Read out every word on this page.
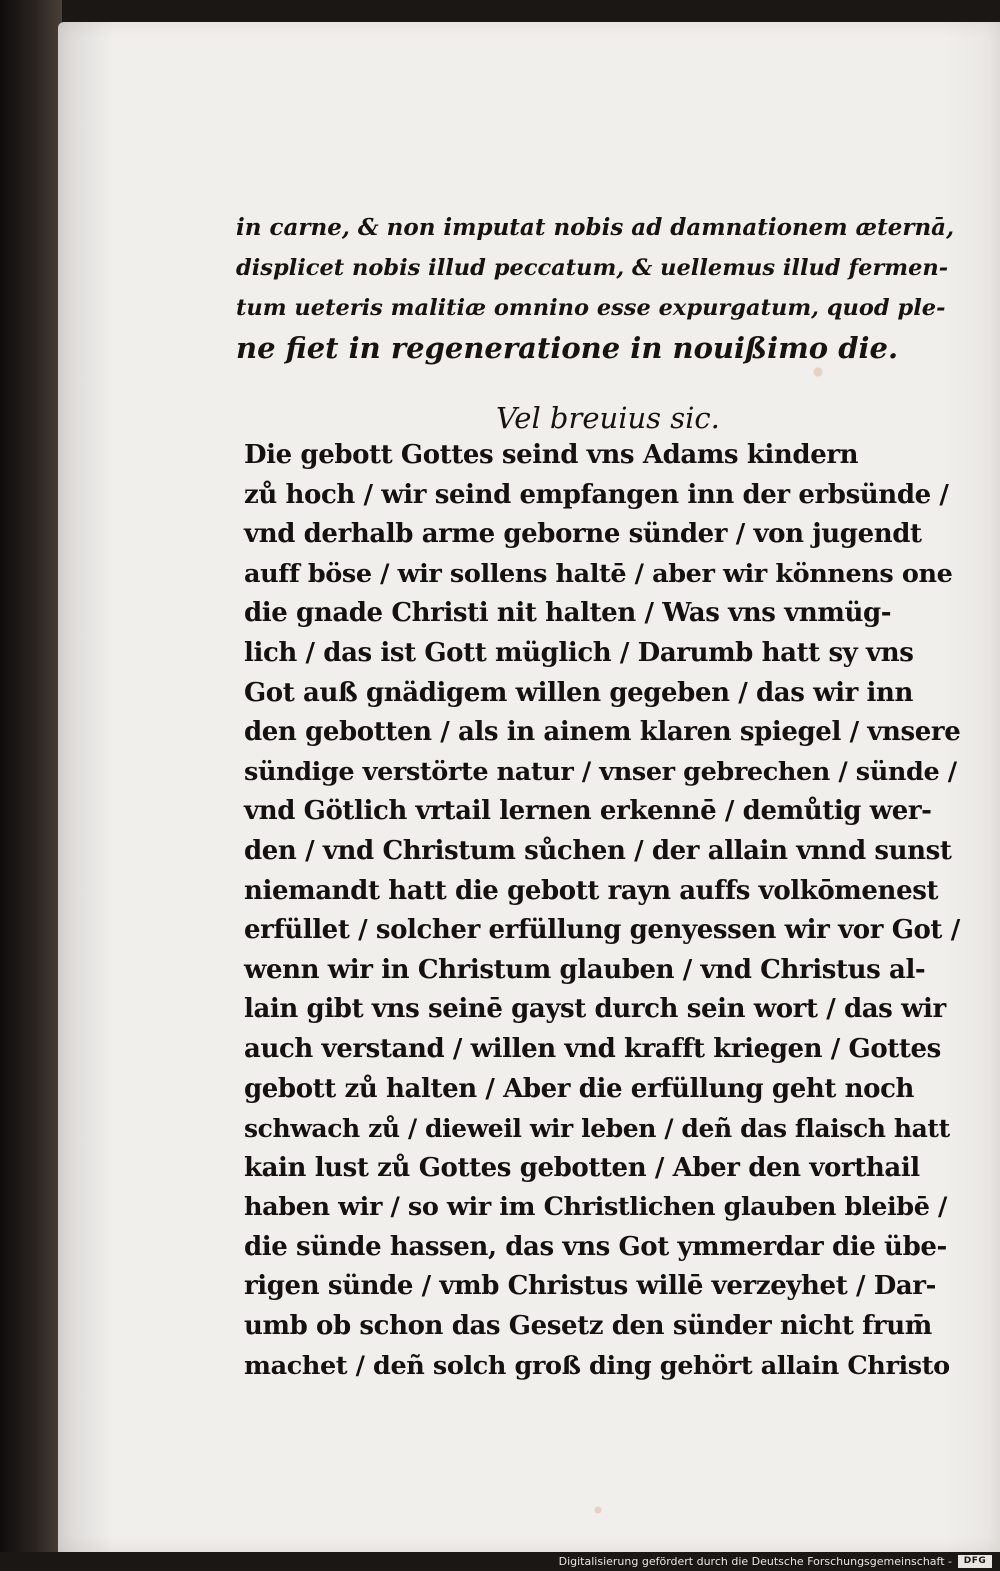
in carne, & non imputat nobis ad damnationem æternā,
displicet nobis illud peccatum, & uellemus illud fermen-
tum ueteris malitiæ omnino esse expurgatum, quod ple-
ne fiet in regeneratione in nouißimo die.
Vel breuius sic.
Die gebott Gottes seind vns Adams kindern
zů hoch / wir seind empfangen inn der erbsünde /
vnd derhalb arme geborne sünder / von jugendt
auff böse / wir sollens haltē / aber wir könnens one
die gnade Christi nit halten / Was vns vnmüg-
lich / das ist Gott müglich / Darumb hatt sy vns
Got auß gnädigem willen gegeben / das wir inn
den gebotten / als in ainem klaren spiegel / vnsere
sündige verstörte natur / vnser gebrechen / sünde /
vnd Götlich vrtail lernen erkennē / demůtig wer-
den / vnd Christum sůchen / der allain vnnd sunst
niemandt hatt die gebott rayn auffs volkōmenest
erfüllet / solcher erfüllung genyessen wir vor Got /
wenn wir in Christum glauben / vnd Christus al-
lain gibt vns seinē gayst durch sein wort / das wir
auch verstand / willen vnd krafft kriegen / Gottes
gebott zů halten / Aber die erfüllung geht noch
schwach zů / dieweil wir leben / deñ das flaisch hatt
kain lust zů Gottes gebotten / Aber den vorthail
haben wir / so wir im Christlichen glauben bleibē /
die sünde hassen, das vns Got ymmerdar die übe-
rigen sünde / vmb Christus willē verzeyhet / Dar-
umb ob schon das Gesetz den sünder nicht frum̄
machet / deñ solch groß ding gehört allain Christo
Digitalisierung gefördert durch die Deutsche Forschungsgemeinschaft -	DFG
